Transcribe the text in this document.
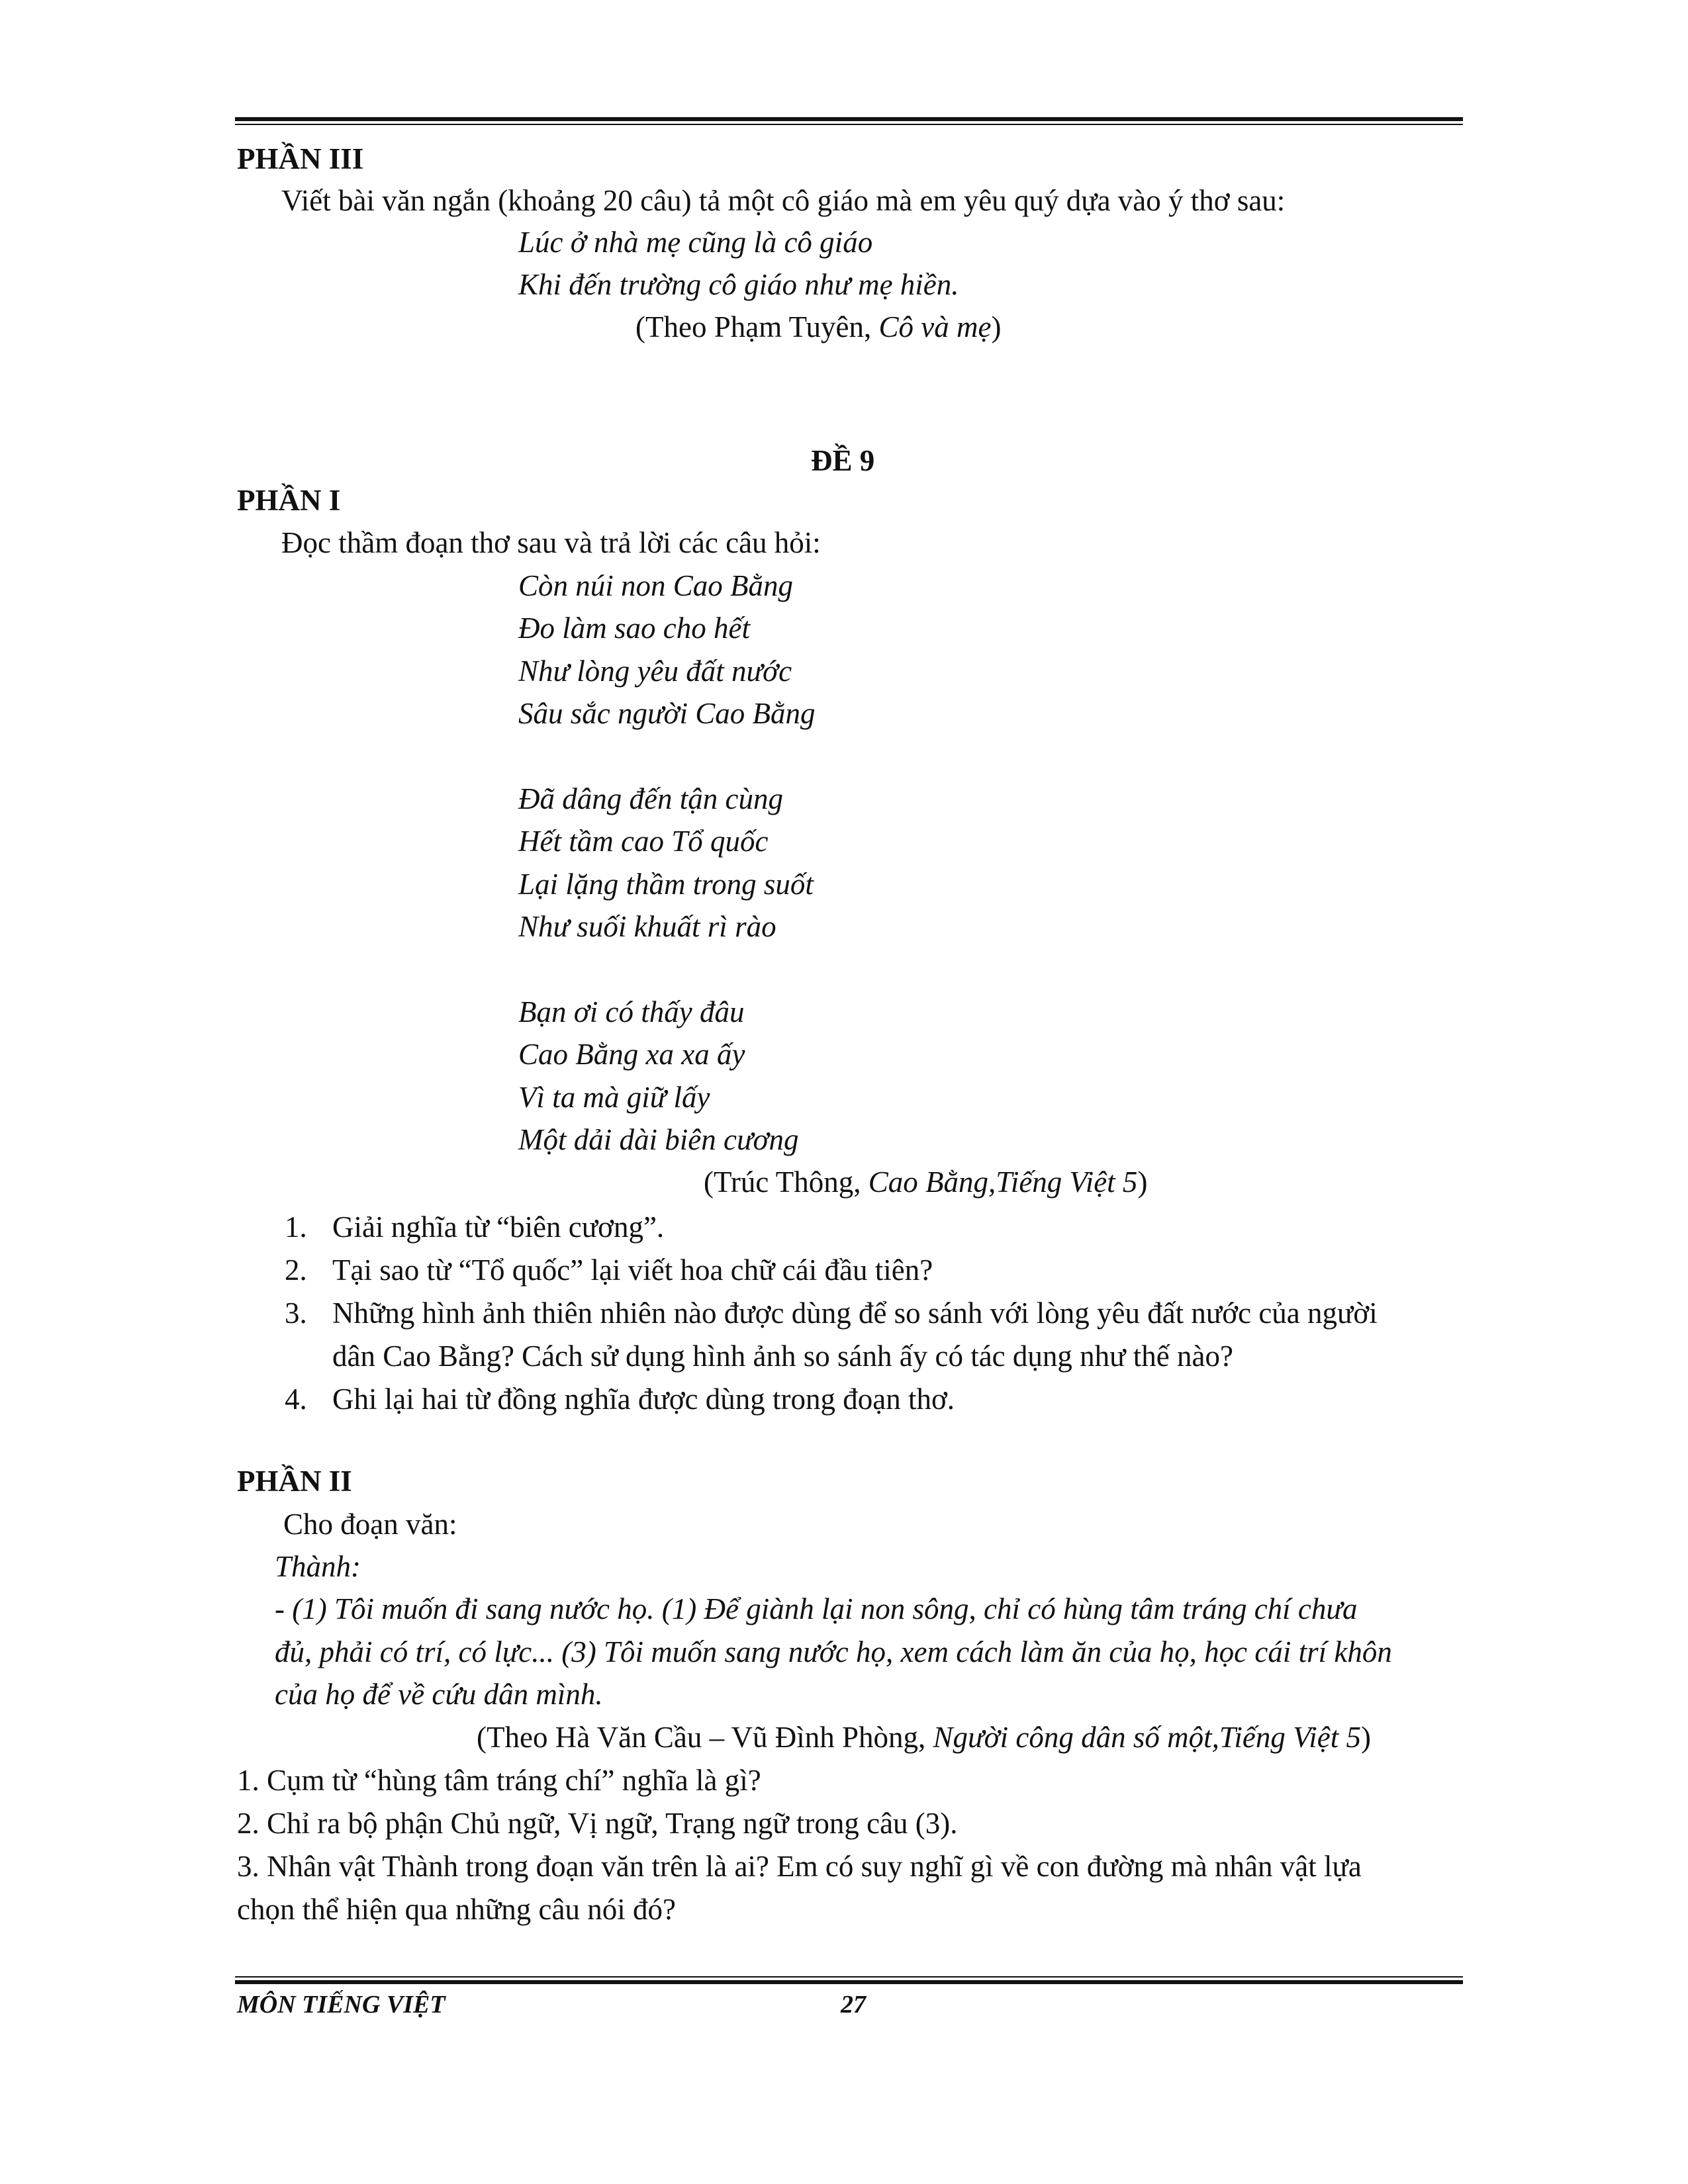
PHẦN III
Viết bài văn ngắn (khoảng 20 câu) tả một cô giáo mà em yêu quý dựa vào ý thơ sau:
Lúc ở nhà mẹ cũng là cô giáo
Khi đến trường cô giáo như mẹ hiền.
(Theo Phạm Tuyên, Cô và mẹ)
ĐỀ 9
PHẦN I
Đọc thầm đoạn thơ sau và trả lời các câu hỏi:
Còn núi non Cao Bằng
Đo làm sao cho hết
Như lòng yêu đất nước
Sâu sắc người Cao Bằng
Đã dâng đến tận cùng
Hết tầm cao Tổ quốc
Lại lặng thầm trong suốt
Như suối khuất rì rào
Bạn ơi có thấy đâu
Cao Bằng xa xa ấy
Vì ta mà giữ lấy
Một dải dài biên cương
(Trúc Thông, Cao Bằng,Tiếng Việt 5)
1. Giải nghĩa từ “biên cương”.
2. Tại sao từ “Tổ quốc” lại viết hoa chữ cái đầu tiên?
3. Những hình ảnh thiên nhiên nào được dùng để so sánh với lòng yêu đất nước của người
dân Cao Bằng? Cách sử dụng hình ảnh so sánh ấy có tác dụng như thế nào?
4. Ghi lại hai từ đồng nghĩa được dùng trong đoạn thơ.
PHẦN II
Cho đoạn văn:
Thành:
- (1) Tôi muốn đi sang nước họ. (1) Để giành lại non sông, chỉ có hùng tâm tráng chí chưa
đủ, phải có trí, có lực... (3) Tôi muốn sang nước họ, xem cách làm ăn của họ, học cái trí khôn
của họ để về cứu dân mình.
(Theo Hà Văn Cầu – Vũ Đình Phòng, Người công dân số một,Tiếng Việt 5)
1. Cụm từ “hùng tâm tráng chí” nghĩa là gì?
2. Chỉ ra bộ phận Chủ ngữ, Vị ngữ, Trạng ngữ trong câu (3).
3. Nhân vật Thành trong đoạn văn trên là ai? Em có suy nghĩ gì về con đường mà nhân vật lựa
chọn thể hiện qua những câu nói đó?
MÔN TIẾNG VIỆT	27
